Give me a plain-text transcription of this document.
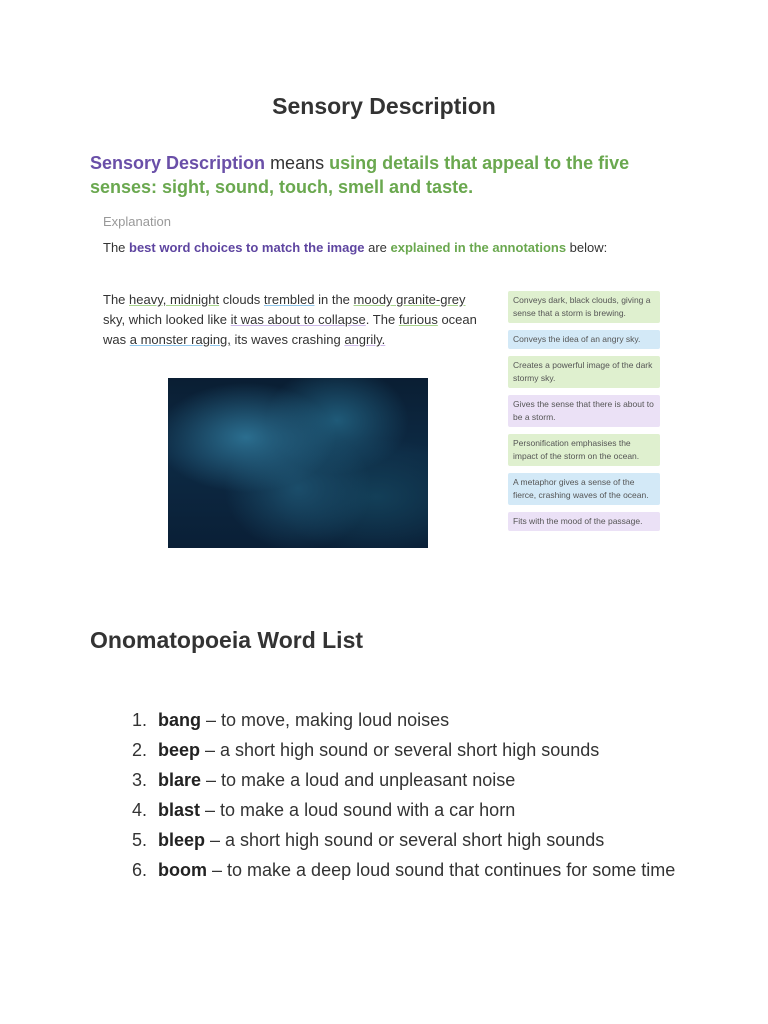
Sensory Description
Sensory Description means using details that appeal to the five senses: sight, sound, touch, smell and taste.
Explanation
The best word choices to match the image are explained in the annotations below:
The heavy, midnight clouds trembled in the moody granite-grey sky, which looked like it was about to collapse. The furious ocean was a monster raging, its waves crashing angrily.
Conveys dark, black clouds, giving a sense that a storm is brewing.
Conveys the idea of an angry sky.
Creates a powerful image of the dark stormy sky.
Gives the sense that there is about to be a storm.
Personification emphasises the impact of the storm on the ocean.
A metaphor gives a sense of the fierce, crashing waves of the ocean.
Fits with the mood of the passage.
Onomatopoeia Word List
1. bang – to move, making loud noises
2. beep – a short high sound or several short high sounds
3. blare – to make a loud and unpleasant noise
4. blast – to make a loud sound with a car horn
5. bleep – a short high sound or several short high sounds
6. boom – to make a deep loud sound that continues for some time
